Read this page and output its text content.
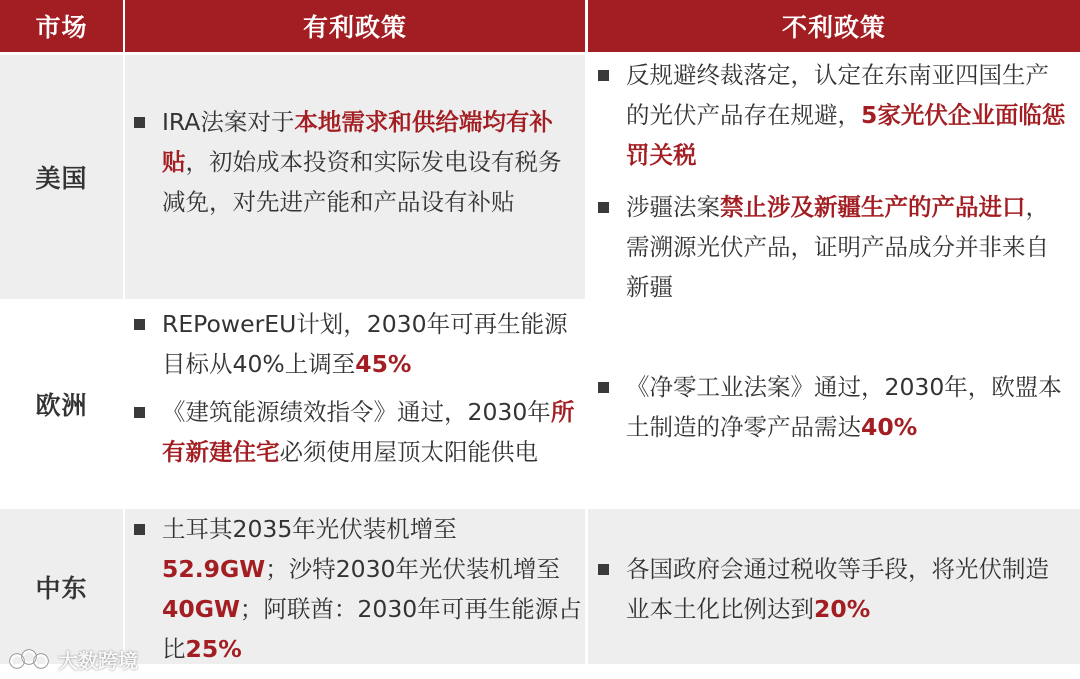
市场	有利政策	不利政策
美国
IRA法案对于本地需求和供给端均有补贴，初始成本投资和实际发电设有税务减免，对先进产能和产品设有补贴
反规避终裁落定，认定在东南亚四国生产的光伏产品存在规避，5家光伏企业面临惩罚关税
涉疆法案禁止涉及新疆生产的产品进口，需溯源光伏产品，证明产品成分并非来自新疆
欧洲
REPowerEU计划，2030年可再生能源目标从40%上调至45%
《建筑能源绩效指令》通过，2030年所有新建住宅必须使用屋顶太阳能供电
《净零工业法案》通过，2030年，欧盟本土制造的净零产品需达40%
中东
土耳其2035年光伏装机增至52.9GW；沙特2030年光伏装机增至40GW；阿联酋：2030年可再生能源占比25%
各国政府会通过税收等手段，将光伏制造业本土化比例达到20%
大数跨境
